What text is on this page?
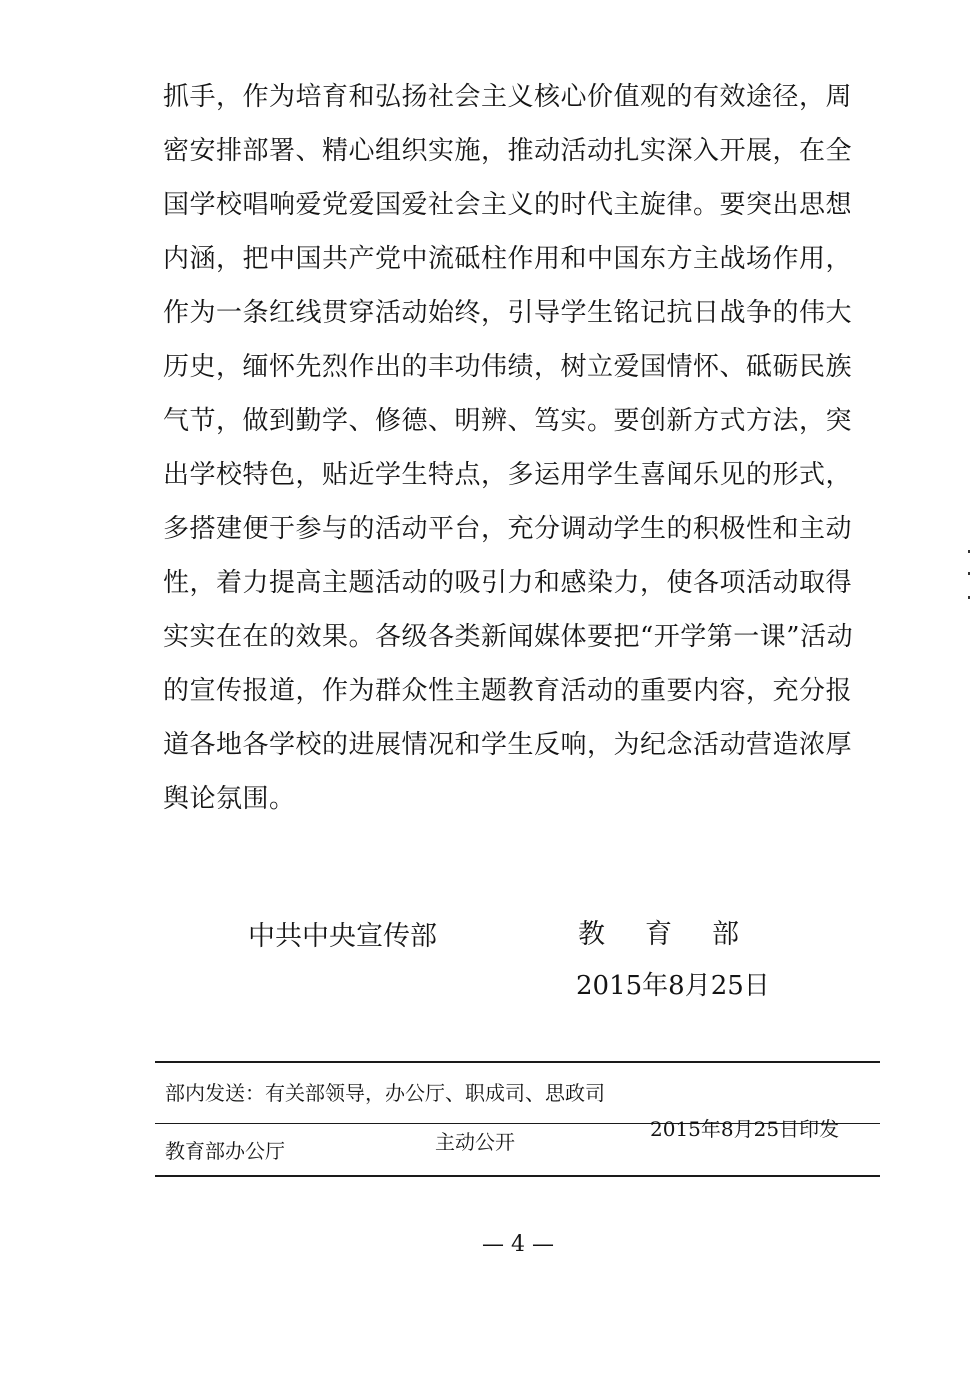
抓手，作为培育和弘扬社会主义核心价值观的有效途径，周
密安排部署、精心组织实施，推动活动扎实深入开展，在全
国学校唱响爱党爱国爱社会主义的时代主旋律。要突出思想
内涵，把中国共产党中流砥柱作用和中国东方主战场作用，
作为一条红线贯穿活动始终，引导学生铭记抗日战争的伟大
历史，缅怀先烈作出的丰功伟绩，树立爱国情怀、砥砺民族
气节，做到勤学、修德、明辨、笃实。要创新方式方法，突
出学校特色，贴近学生特点，多运用学生喜闻乐见的形式，
多搭建便于参与的活动平台，充分调动学生的积极性和主动
性，着力提高主题活动的吸引力和感染力，使各项活动取得
实实在在的效果。各级各类新闻媒体要把“开学第一课”活动
的宣传报道，作为群众性主题教育活动的重要内容，充分报
道各地各学校的进展情况和学生反响，为纪念活动营造浓厚
舆论氛围。
中共中央宣传部	教育部
2015年8月25日
部内发送：有关部领导，办公厅、职成司、思政司
教育部办公厅	主动公开
2015年8月25日印发
— 4 —
